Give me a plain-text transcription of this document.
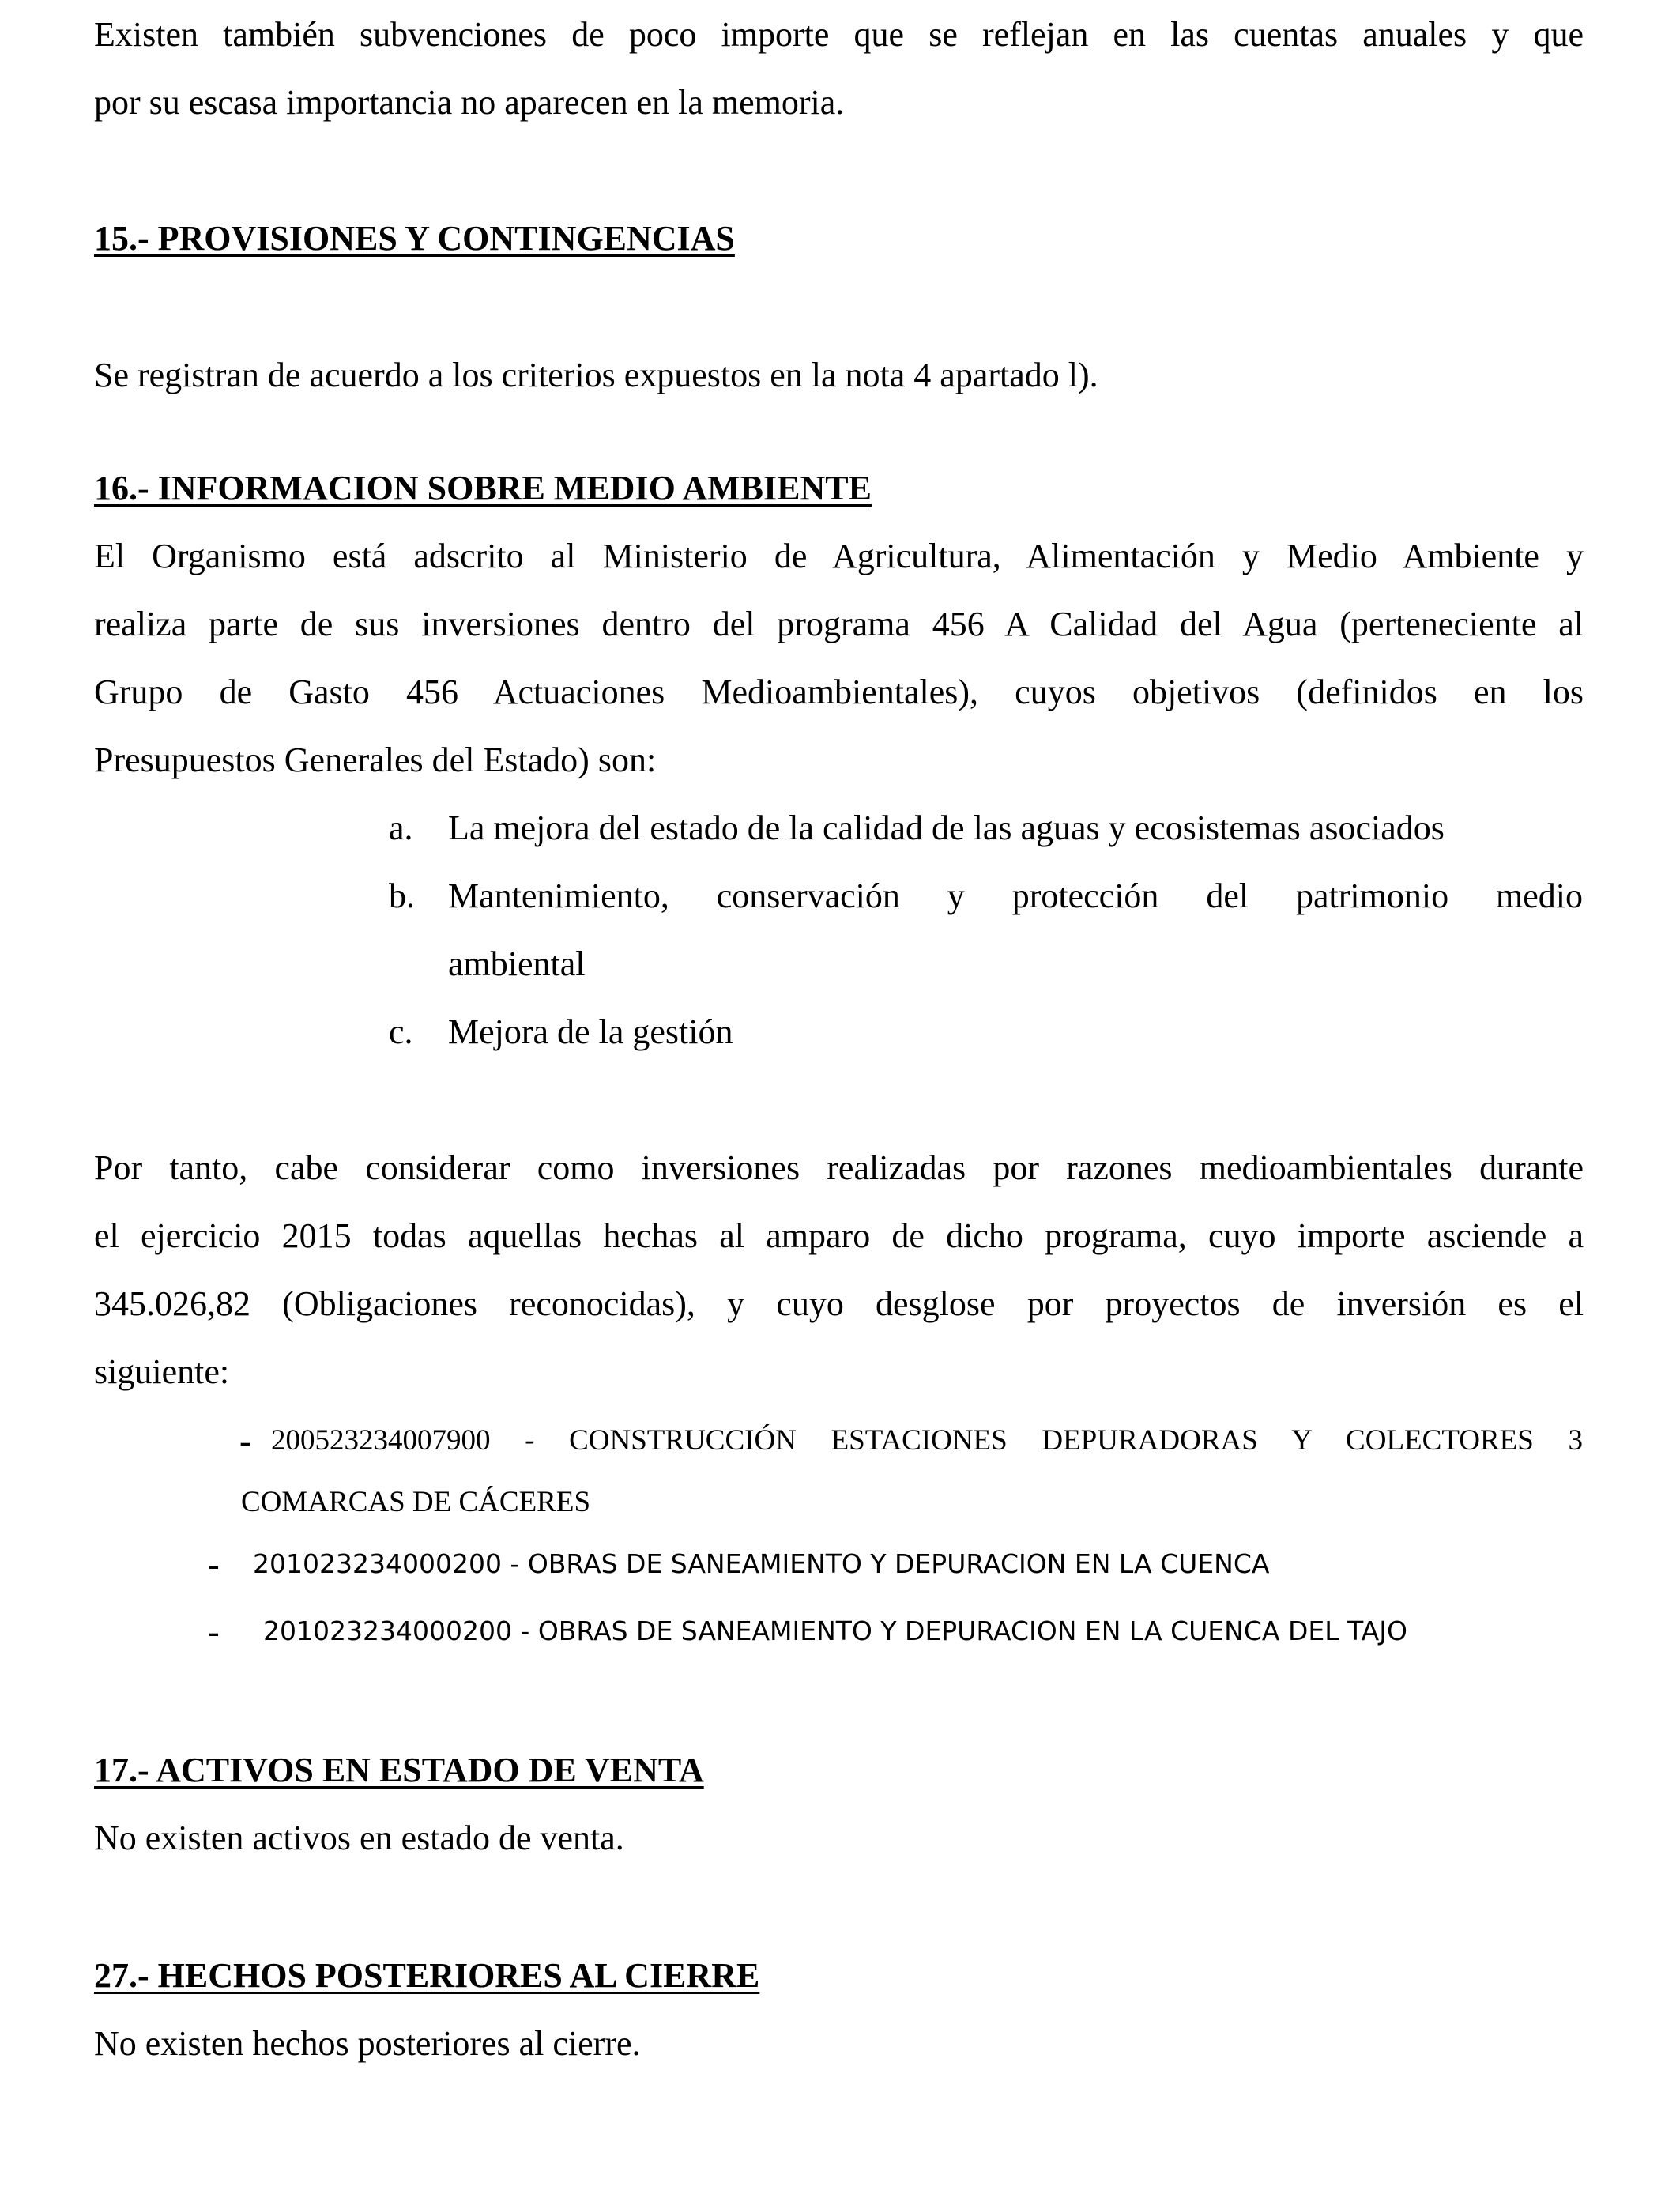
Existen también subvenciones de poco importe que se reflejan en las cuentas anuales y que
por su escasa importancia no aparecen en la memoria.
15.- PROVISIONES Y CONTINGENCIAS
Se registran de acuerdo a los criterios expuestos en la nota 4 apartado l).
16.- INFORMACION SOBRE MEDIO AMBIENTE
El Organismo está adscrito al Ministerio de Agricultura, Alimentación y Medio Ambiente y
realiza parte de sus inversiones dentro del programa 456 A Calidad del Agua (perteneciente al
Grupo de Gasto 456 Actuaciones Medioambientales), cuyos objetivos (definidos en los
Presupuestos Generales del Estado) son:
a.	La mejora del estado de la calidad de las aguas y ecosistemas asociados
b. Mantenimiento, conservación y protección del patrimonio medio
ambiental
c.	Mejora de la gestión
Por tanto, cabe considerar como inversiones realizadas por razones medioambientales durante
el ejercicio 2015 todas aquellas hechas al amparo de dicho programa, cuyo importe asciende a
345.026,82 (Obligaciones reconocidas), y cuyo desglose por proyectos de inversión es el
siguiente:
- 200523234007900 - CONSTRUCCIÓN ESTACIONES DEPURADORAS Y COLECTORES 3
COMARCAS DE CÁCERES
- 201023234000200 - OBRAS DE SANEAMIENTO Y DEPURACION EN LA CUENCA
- 201023234000200 - OBRAS DE SANEAMIENTO Y DEPURACION EN LA CUENCA DEL TAJO
17.- ACTIVOS EN ESTADO DE VENTA
No existen activos en estado de venta.
27.- HECHOS POSTERIORES AL CIERRE
No existen hechos posteriores al cierre.
